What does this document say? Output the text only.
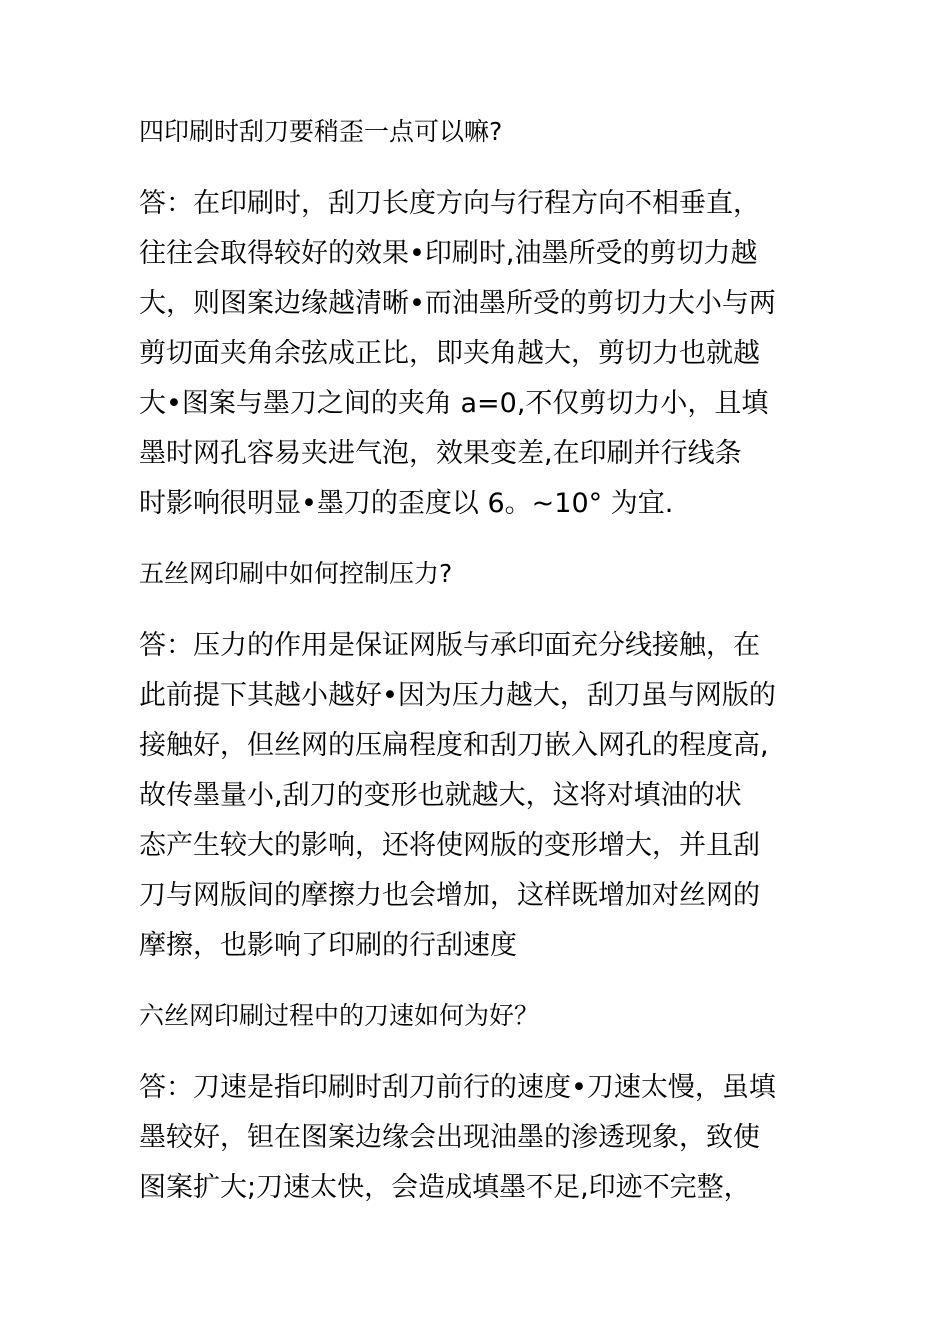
四印刷时刮刀要稍歪一点可以嘛?

答：在印刷时，刮刀长度方向与行程方向不相垂直，
往往会取得较好的效果•印刷时,油墨所受的剪切力越
大，则图案边缘越清晰•而油墨所受的剪切力大小与两
剪切面夹角余弦成正比，即夹角越大，剪切力也就越
大•图案与墨刀之间的夹角 a=0,不仅剪切力小，且填
墨时网孔容易夹进气泡，效果变差,在印刷并行线条
时影响很明显•墨刀的歪度以 6。~10° 为宜.

五丝网印刷中如何控制压力?

答：压力的作用是保证网版与承印面充分线接触，在
此前提下其越小越好•因为压力越大，刮刀虽与网版的
接触好，但丝网的压扁程度和刮刀嵌入网孔的程度高,
故传墨量小,刮刀的变形也就越大，这将对填油的状
态产生较大的影响，还将使网版的变形增大，并且刮
刀与网版间的摩擦力也会增加，这样既增加对丝网的
摩擦，也影响了印刷的行刮速度

六丝网印刷过程中的刀速如何为好？

答：刀速是指印刷时刮刀前行的速度•刀速太慢，虽填
墨较好，钽在图案边缘会出现油墨的渗透现象，致使
图案扩大;刀速太快，会造成填墨不足,印迹不完整，
